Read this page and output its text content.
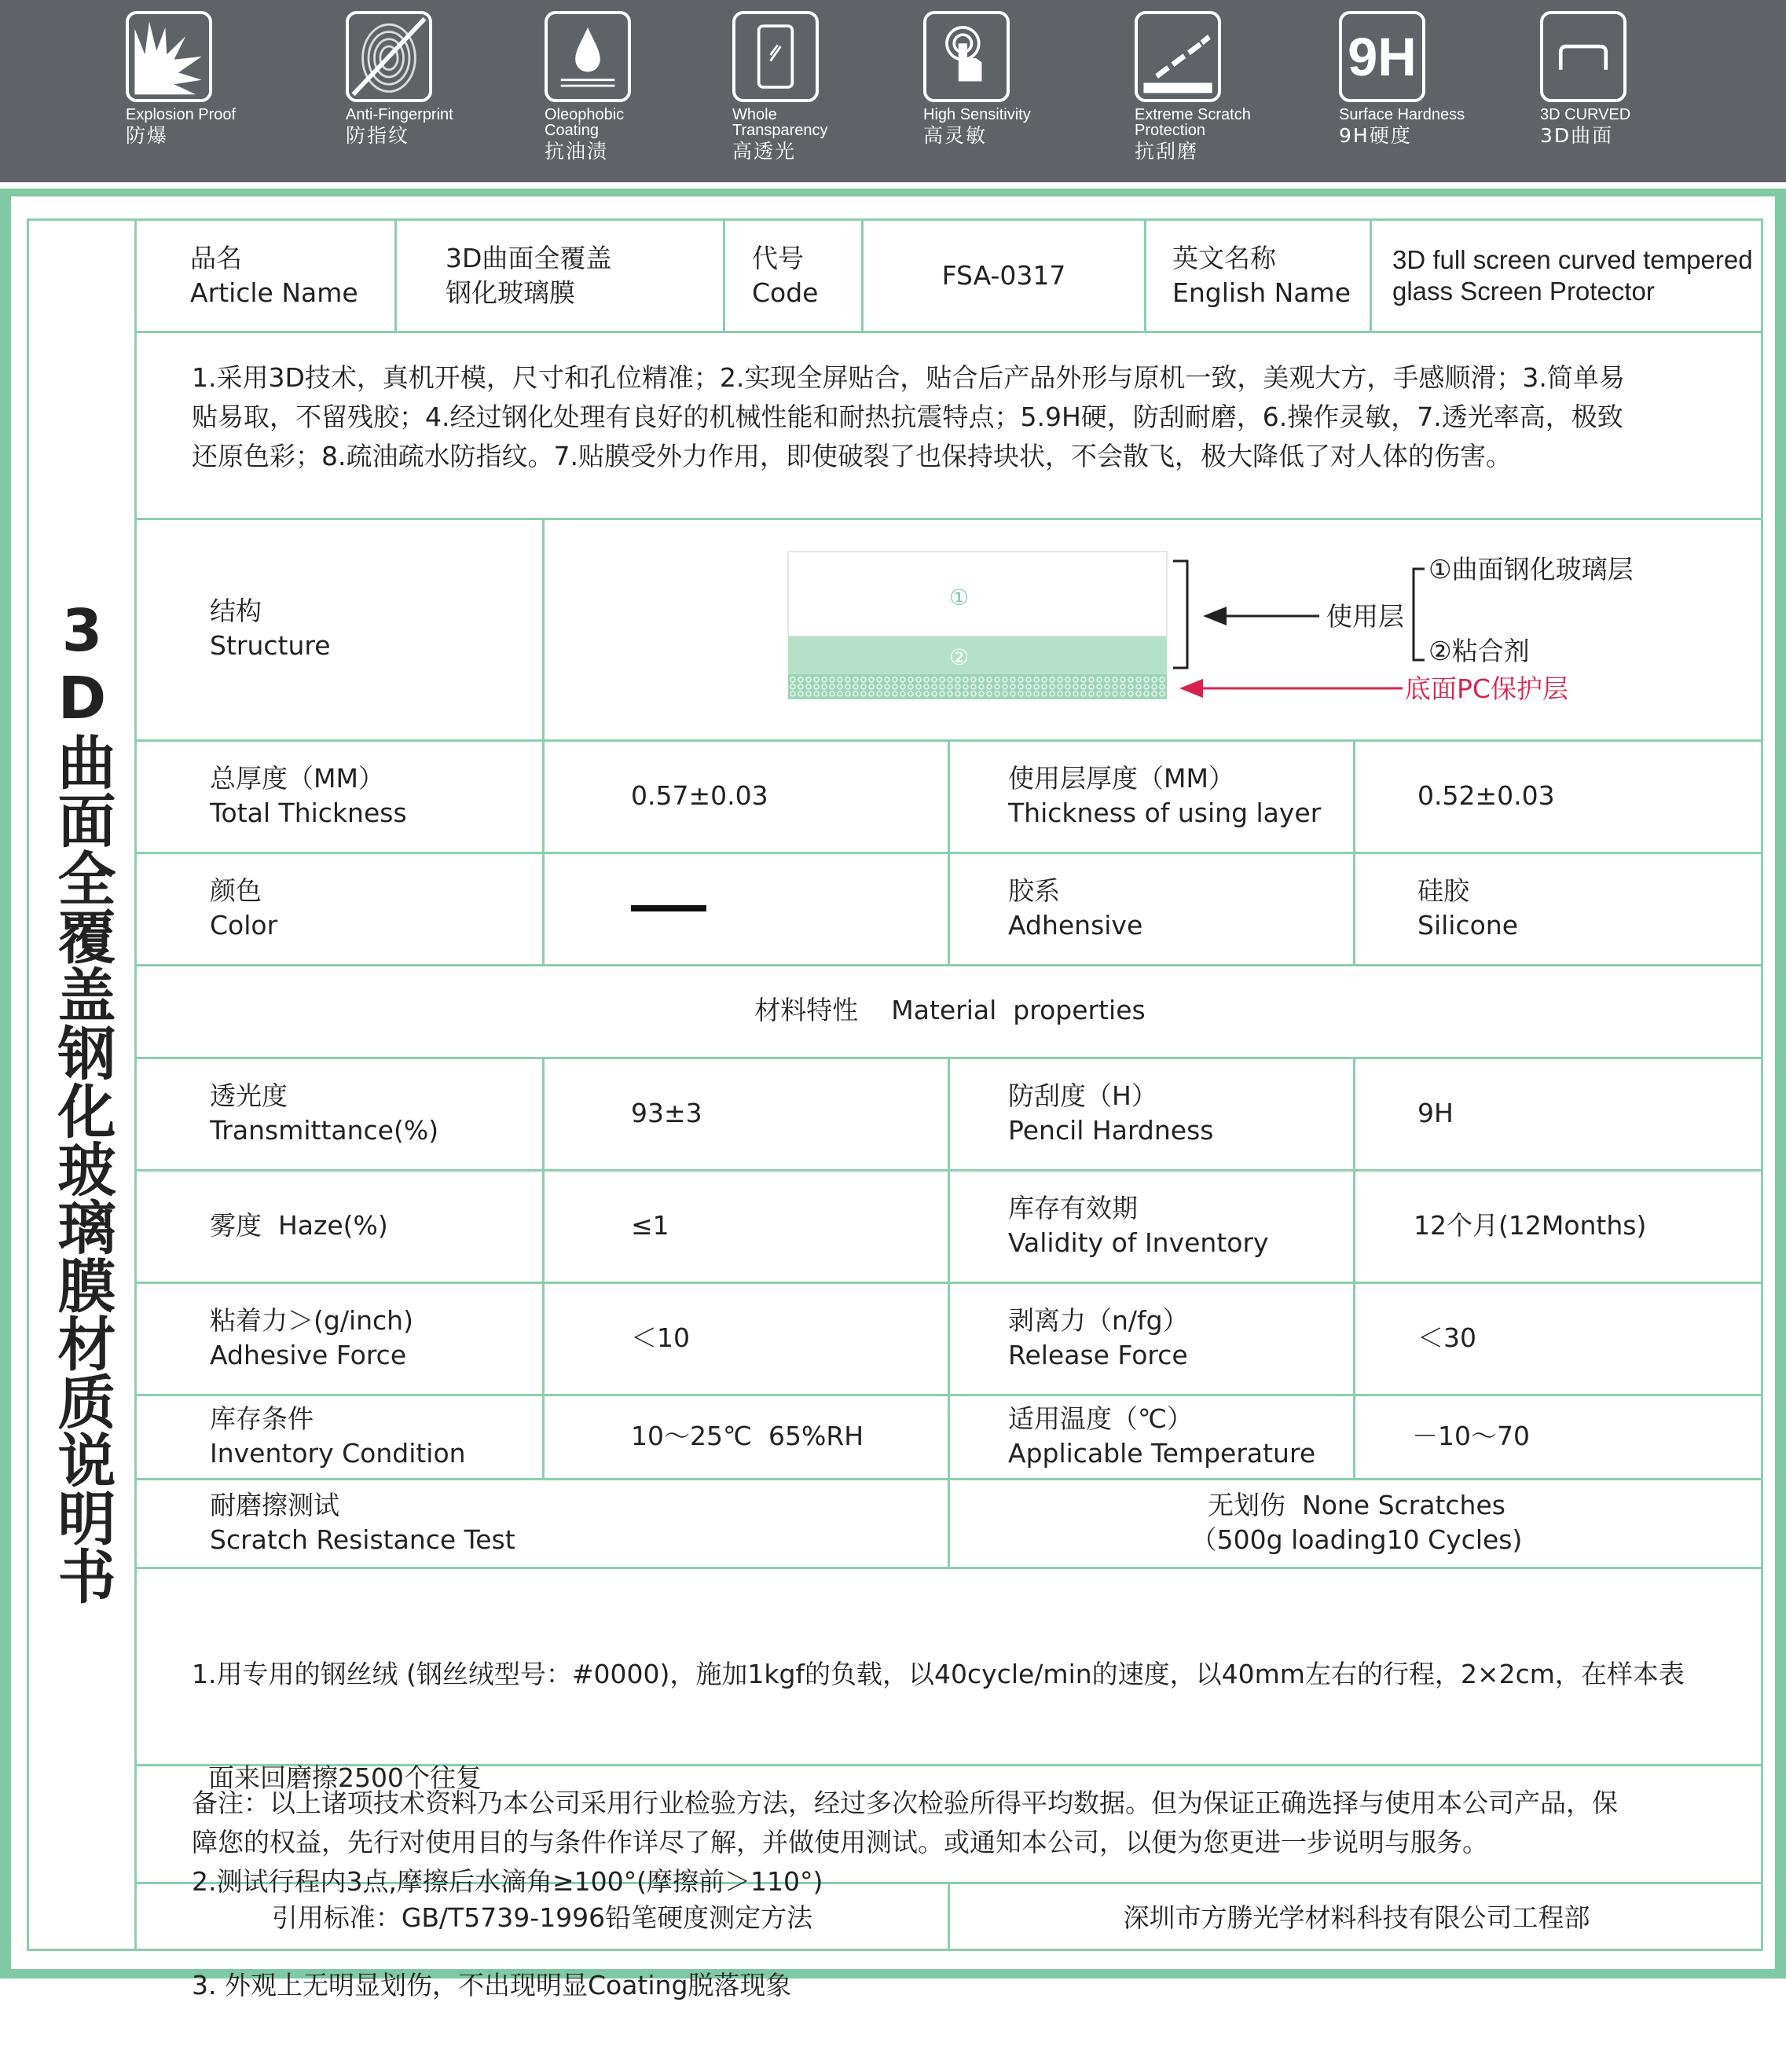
Explosion Proof
防爆
Anti-Fingerprint
防指纹
Oleophobic
Coating
抗油渍
Whole
Transparency
高透光
High Sensitivity
高灵敏
Extreme Scratch
Protection
抗刮磨
9H
Surface Hardness
9H硬度
3D CURVED
3D曲面
3D曲面全覆盖钢化玻璃膜材质说明书
品名
Article Name
3D曲面全覆盖
钢化玻璃膜
代号
Code
FSA-0317
英文名称
English Name
3D full screen curved tempered
glass Screen Protector

1.采用3D技术，真机开模，尺寸和孔位精准；2.实现全屏贴合，贴合后产品外形与原机一致，美观大方，手感顺滑；3.简单易

贴易取，不留残胶；4.经过钢化处理有良好的机械性能和耐热抗震特点；5.9H硬，防刮耐磨，6.操作灵敏，7.透光率高，极致

还原色彩；8.疏油疏水防指纹。7.贴膜受外力作用，即使破裂了也保持块状，不会散飞，极大降低了对人体的伤害。

结构
Structure
①
②
使用层
①曲面钢化玻璃层
②粘合剂
底面PC保护层
总厚度（MM）
Total Thickness
0.57±0.03
使用层厚度（MM）
Thickness of using layer
0.52±0.03
颜色
Color
胶系
Adhensive
硅胶
Silicone
材料特性    Material  properties
透光度
Transmittance(%)
93±3
防刮度（H）
Pencil Hardness
9H
雾度  Haze(%)	≤1
库存有效期
Validity of Inventory
12个月(12Months)
粘着力＞(g/inch)
Adhesive Force
＜10
剥离力（n/fg）
Release Force
＜30
库存条件
Inventory Condition
10～25℃  65%RH
适用温度（℃）
Applicable Temperature
－10～70
耐磨擦测试
Scratch Resistance Test
无划伤  None Scratches
（500g loading10 Cycles)

1.用专用的钢丝绒 (钢丝绒型号：#0000)，施加1kgf的负载，以40cycle/min的速度，以40mm左右的行程，2×2cm，在样本表

面来回磨擦2500个往复

2.测试行程内3点,摩擦后水滴角≥100°(摩擦前＞110°)

3. 外观上无明显划伤，不出现明显Coating脱落现象

备注：以上诸项技术资料乃本公司采用行业检验方法，经过多次检验所得平均数据。但为保证正确选择与使用本公司产品，保

障您的权益，先行对使用目的与条件作详尽了解，并做使用测试。或通知本公司，以便为您更进一步说明与服务。

引用标准：GB/T5739-1996铅笔硬度测定方法	深圳市方勝光学材料科技有限公司工程部
